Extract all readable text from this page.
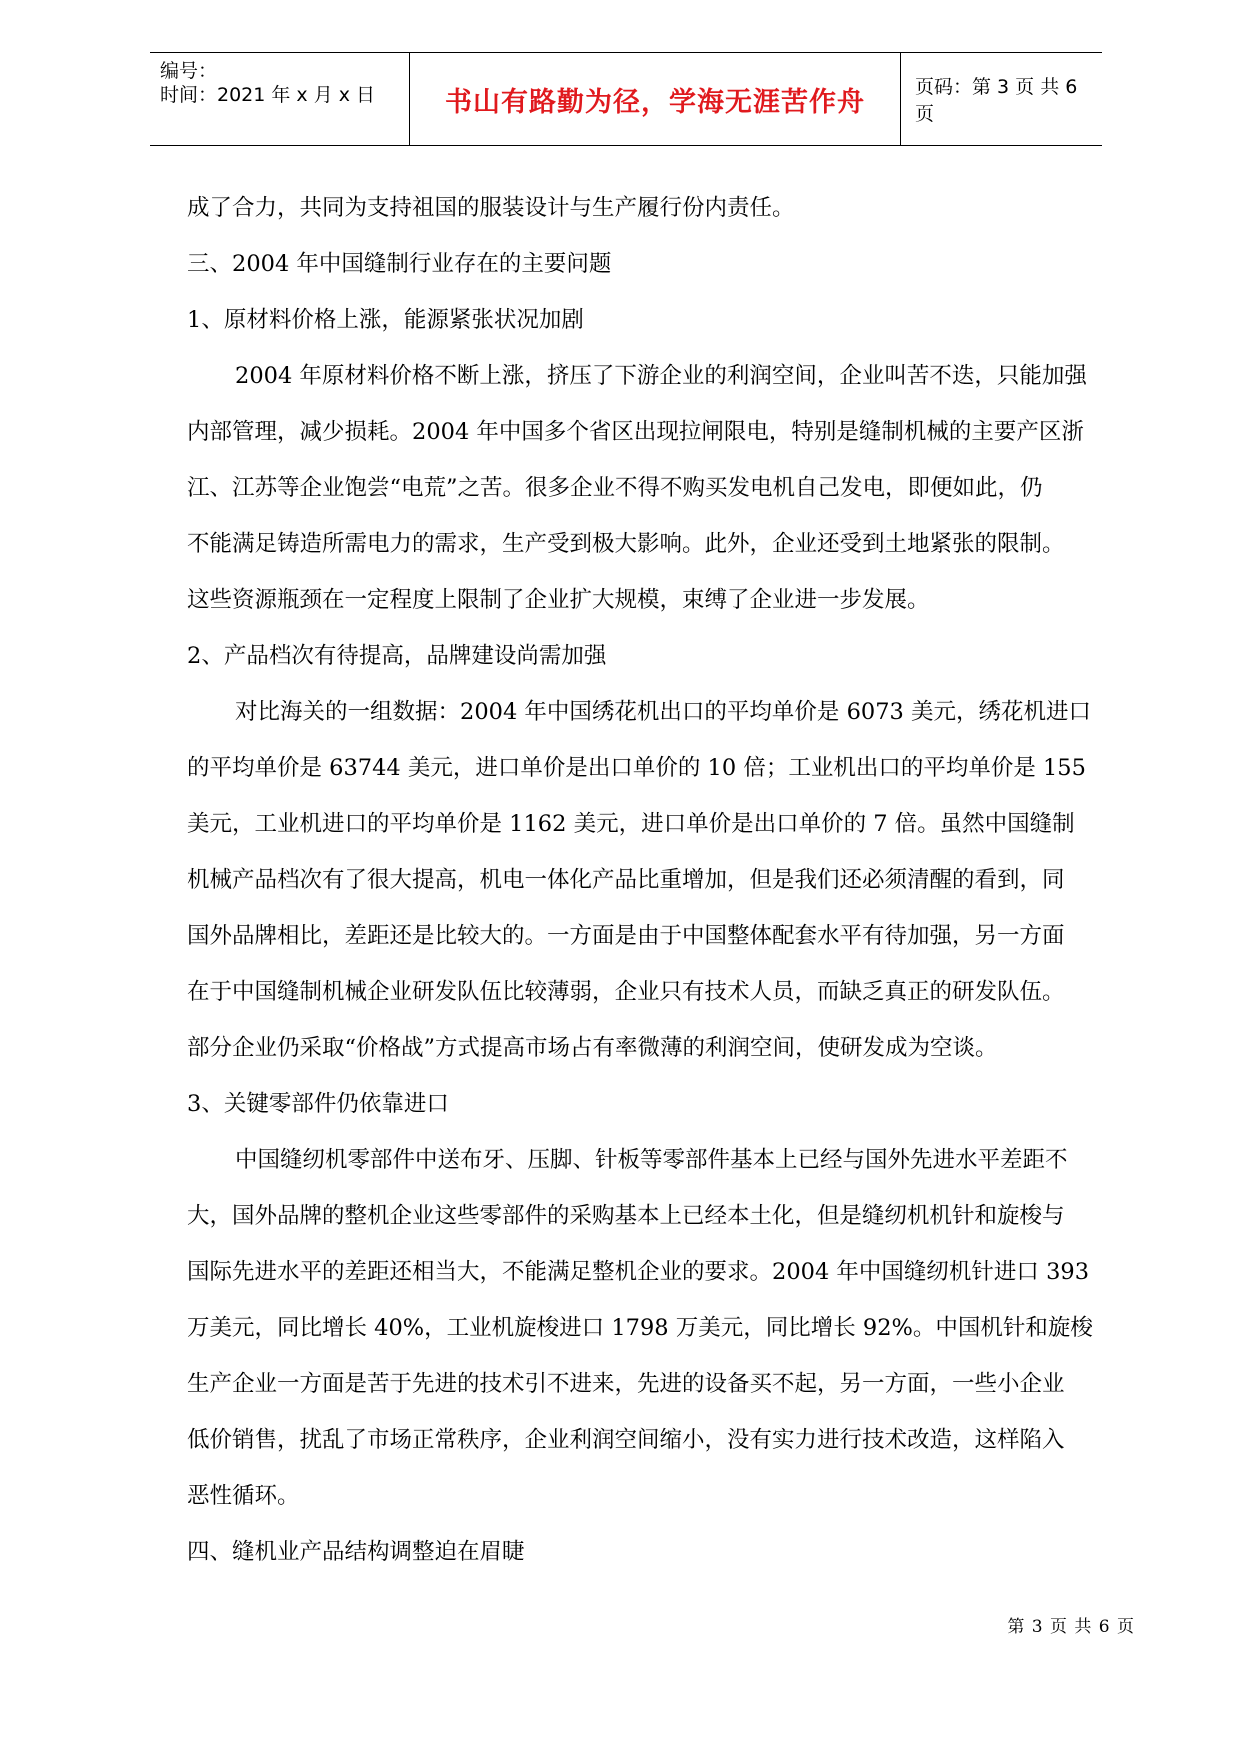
编号：
时间：2021 年 x 月 x 日	书山有路勤为径，学海无涯苦作舟	页码：第 3 页 共 6 页
成了合力，共同为支持祖国的服装设计与生产履行份内责任。
三、2004 年中国缝制行业存在的主要问题
1、原材料价格上涨，能源紧张状况加剧
2004 年原材料价格不断上涨，挤压了下游企业的利润空间，企业叫苦不迭，只能加强
内部管理，减少损耗。2004 年中国多个省区出现拉闸限电，特别是缝制机械的主要产区浙
江、江苏等企业饱尝“电荒”之苦。很多企业不得不购买发电机自己发电，即便如此，仍
不能满足铸造所需电力的需求，生产受到极大影响。此外，企业还受到土地紧张的限制。
这些资源瓶颈在一定程度上限制了企业扩大规模，束缚了企业进一步发展。
2、产品档次有待提高，品牌建设尚需加强
对比海关的一组数据：2004 年中国绣花机出口的平均单价是 6073 美元，绣花机进口
的平均单价是 63744 美元，进口单价是出口单价的 10 倍；工业机出口的平均单价是 155
美元，工业机进口的平均单价是 1162 美元，进口单价是出口单价的 7 倍。虽然中国缝制
机械产品档次有了很大提高，机电一体化产品比重增加，但是我们还必须清醒的看到，同
国外品牌相比，差距还是比较大的。一方面是由于中国整体配套水平有待加强，另一方面
在于中国缝制机械企业研发队伍比较薄弱，企业只有技术人员，而缺乏真正的研发队伍。
部分企业仍采取“价格战”方式提高市场占有率微薄的利润空间，使研发成为空谈。
3、关键零部件仍依靠进口
中国缝纫机零部件中送布牙、压脚、针板等零部件基本上已经与国外先进水平差距不
大，国外品牌的整机企业这些零部件的采购基本上已经本土化，但是缝纫机机针和旋梭与
国际先进水平的差距还相当大，不能满足整机企业的要求。2004 年中国缝纫机针进口 393
万美元，同比增长 40%，工业机旋梭进口 1798 万美元，同比增长 92%。中国机针和旋梭
生产企业一方面是苦于先进的技术引不进来，先进的设备买不起，另一方面，一些小企业
低价销售，扰乱了市场正常秩序，企业利润空间缩小，没有实力进行技术改造，这样陷入
恶性循环。
四、缝机业产品结构调整迫在眉睫
第 3 页 共 6 页
